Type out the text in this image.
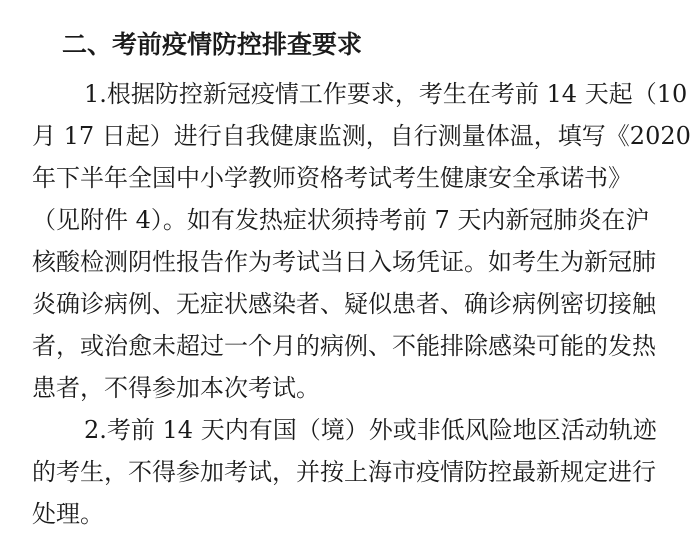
二、考前疫情防控排查要求
1.根据防控新冠疫情工作要求，考生在考前 14 天起（10
月 17 日起）进行自我健康监测，自行测量体温，填写《2020
年下半年全国中小学教师资格考试考生健康安全承诺书》
（见附件 4）。如有发热症状须持考前 7 天内新冠肺炎在沪
核酸检测阴性报告作为考试当日入场凭证。如考生为新冠肺
炎确诊病例、无症状感染者、疑似患者、确诊病例密切接触
者，或治愈未超过一个月的病例、不能排除感染可能的发热
患者，不得参加本次考试。
2.考前 14 天内有国（境）外或非低风险地区活动轨迹
的考生，不得参加考试，并按上海市疫情防控最新规定进行
处理。
